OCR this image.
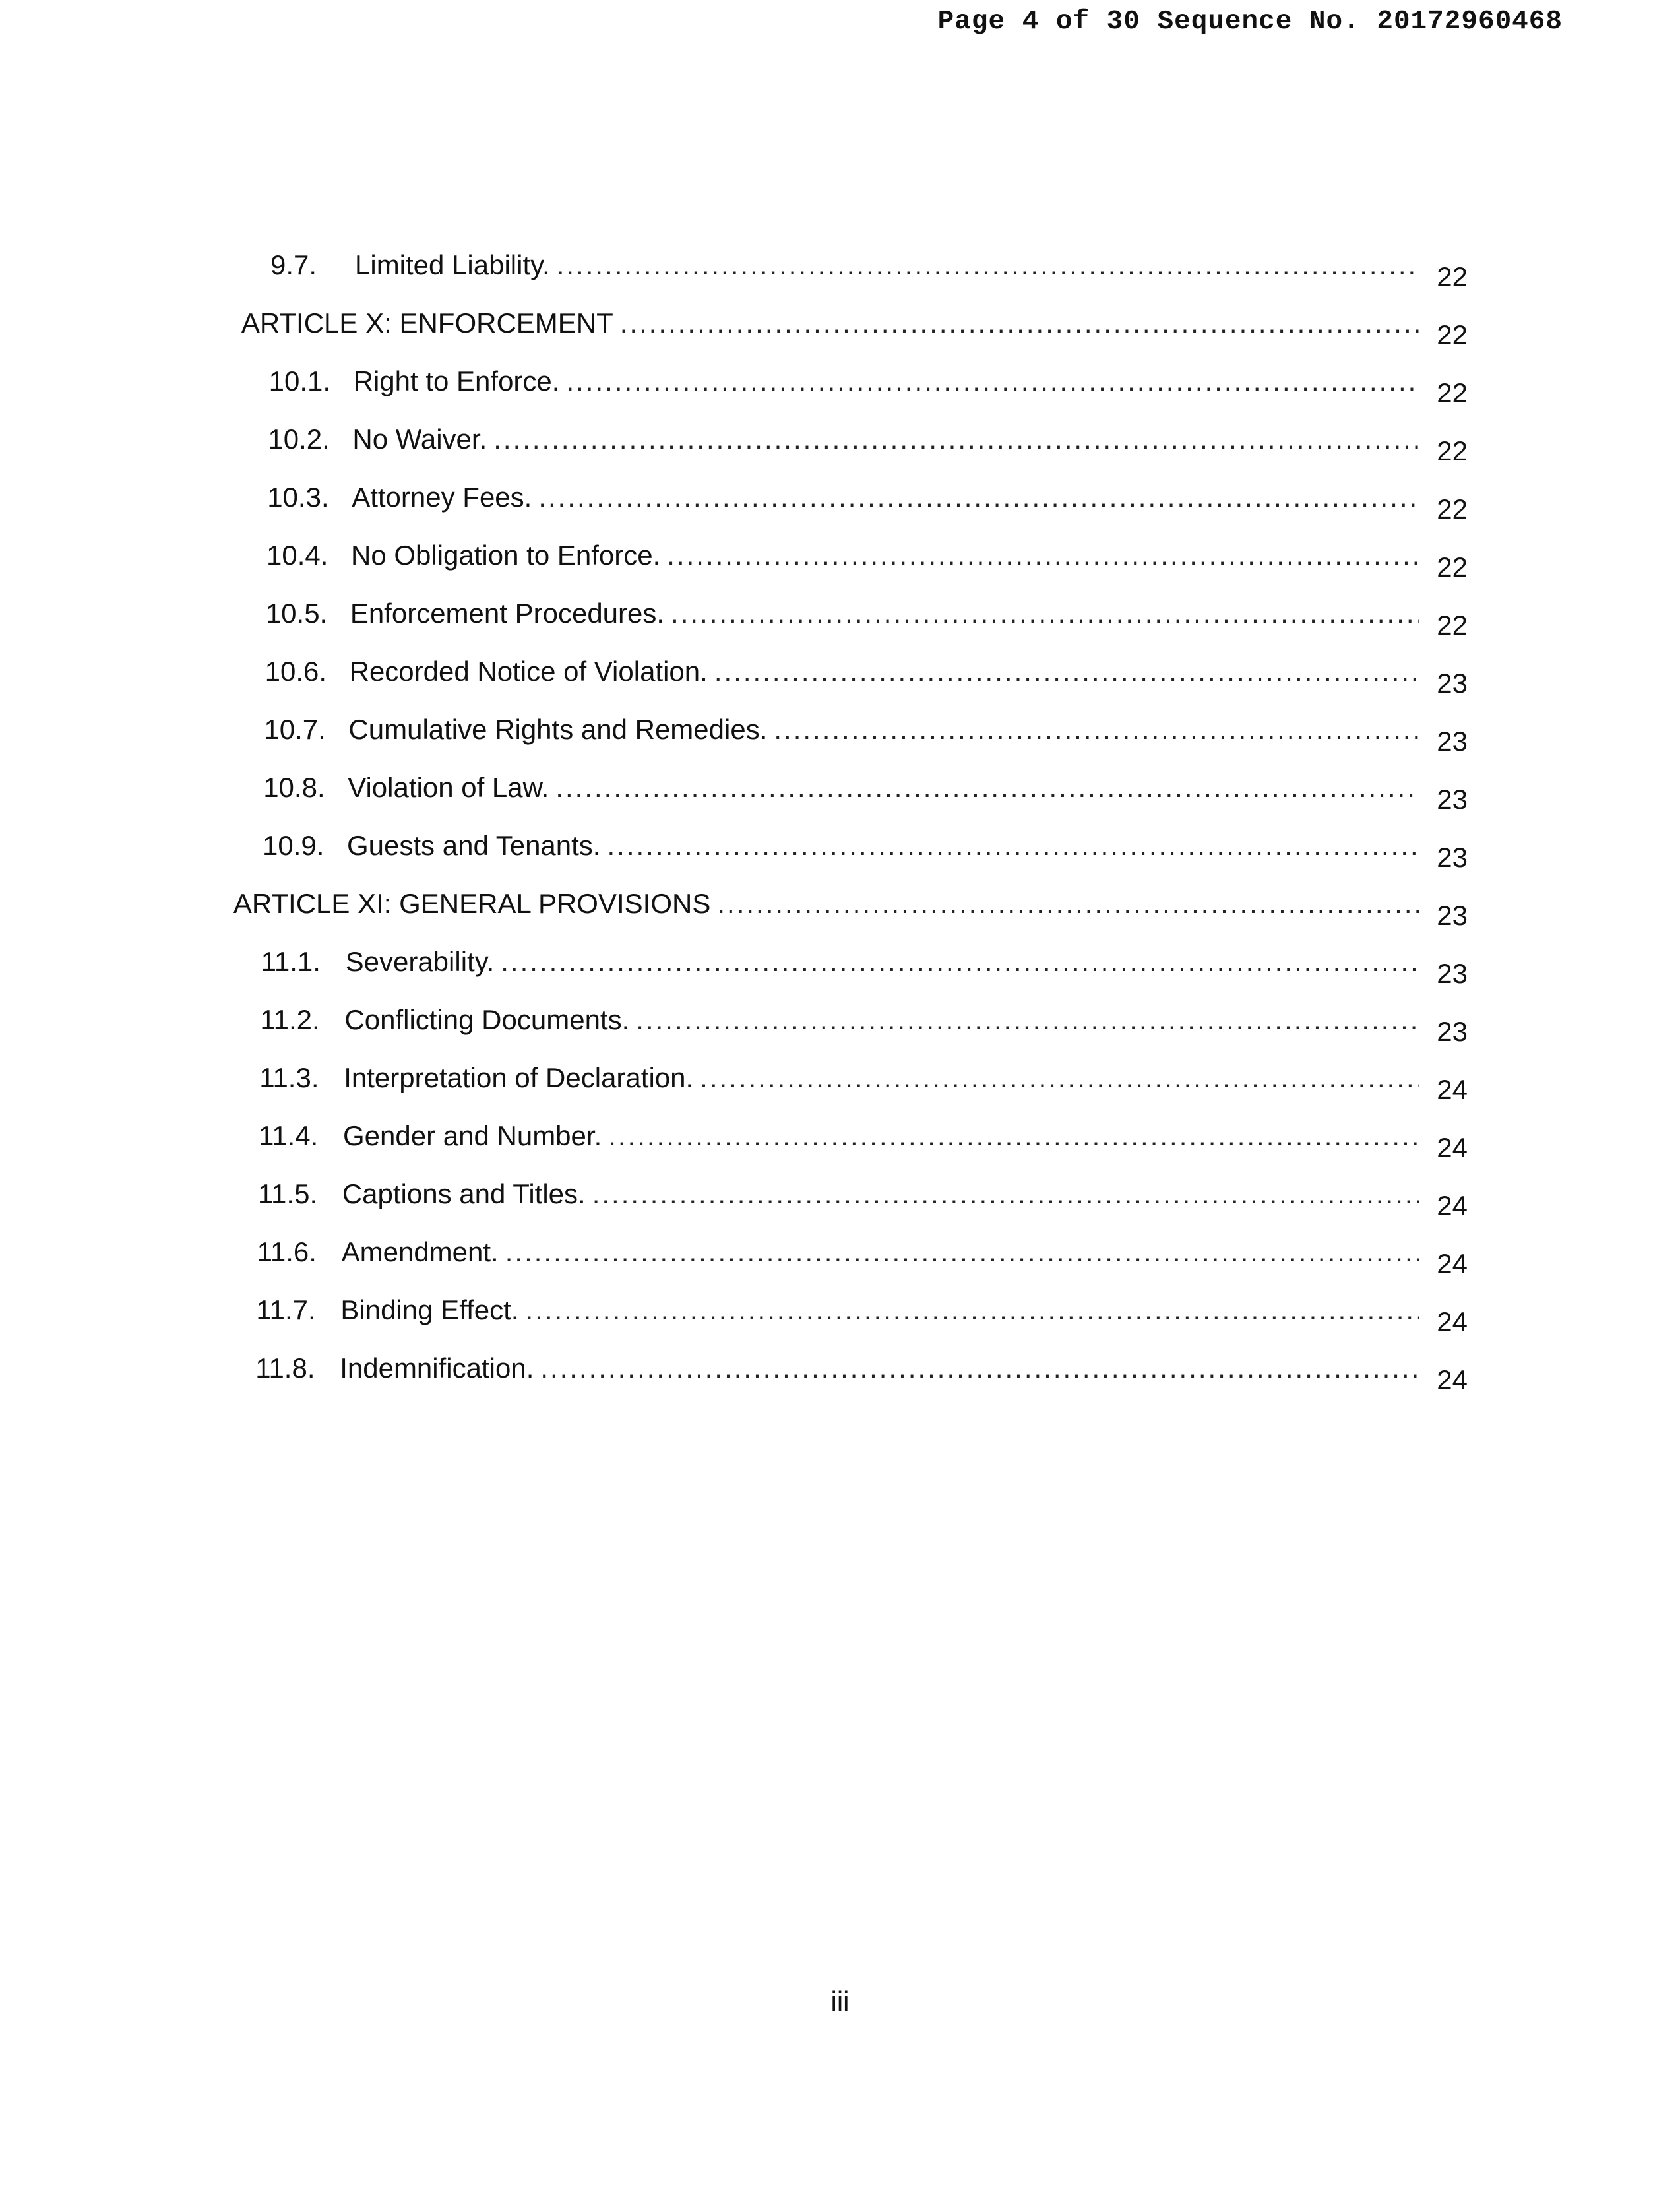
Page 4 of 30 Sequence No. 20172960468
9.7.	Limited Liability. .....	22
ARTICLE X: ENFORCEMENT .....	22
10.1. Right to Enforce. .....	22
10.2. No Waiver. .....	22
10.3. Attorney Fees. .....	22
10.4. No Obligation to Enforce. .....	22
10.5. Enforcement Procedures. .....	22
10.6. Recorded Notice of Violation. .....	23
10.7. Cumulative Rights and Remedies. .....	23
10.8. Violation of Law. .....	23
10.9. Guests and Tenants. .....	23
ARTICLE XI: GENERAL PROVISIONS .....	23
11.1. Severability. .....	23
11.2. Conflicting Documents. .....	23
11.3. Interpretation of Declaration. .....	24
11.4. Gender and Number. .....	24
11.5. Captions and Titles. .....	24
11.6. Amendment. .....	24
11.7. Binding Effect. .....	24
11.8. Indemnification. .....	24
iii
